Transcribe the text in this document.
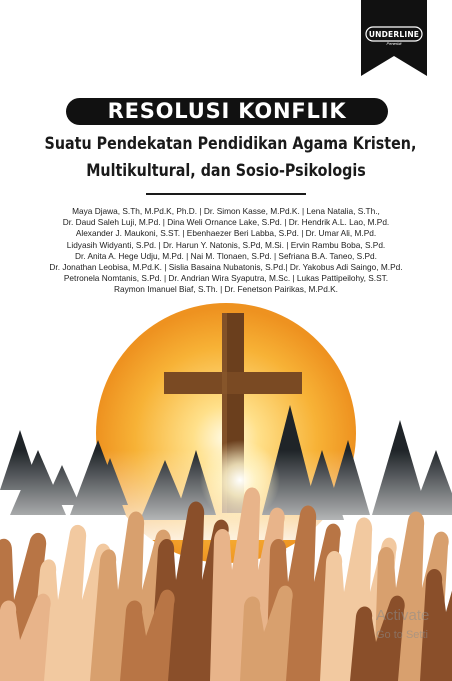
UNDERLINE
Penerbit
RESOLUSI KONFLIK
Suatu Pendekatan Pendidikan Agama Kristen,
Multikultural, dan Sosio-Psikologis
Maya Djawa, S.Th, M.Pd.K, Ph.D. | Dr. Simon Kasse, M.Pd.K. | Lena Natalia, S.Th.,
Dr. Daud Saleh Luji, M.Pd. | Dina Weli Ornance Lake, S.Pd. | Dr. Hendrik A.L. Lao, M.Pd.
Alexander J. Maukoni, S.ST. | Ebenhaezer Beri Labba, S.Pd. | Dr. Umar Ali, M.Pd.
Lidyasih Widyanti, S.Pd. | Dr. Harun Y. Natonis, S.Pd, M.Si. | Ervin Rambu Boba, S.Pd.
Dr. Anita A. Hege Udju, M.Pd. | Nai M. Tlonaen, S.Pd. | Sefriana B.A. Taneo, S.Pd.
Dr. Jonathan Leobisa, M.Pd.K. | Sislia Basaina Nubatonis, S.Pd.| Dr. Yakobus Adi Saingo, M.Pd.
Petronela Nomtanis, S.Pd. | Dr. Andrian Wira Syaputra, M.Sc. | Lukas Pattipeilohy, S.ST.
Raymon Imanuel Biaf, S.Th. | Dr. Fenetson Pairikas, M.Pd.K.
Activate
Go to Setti
